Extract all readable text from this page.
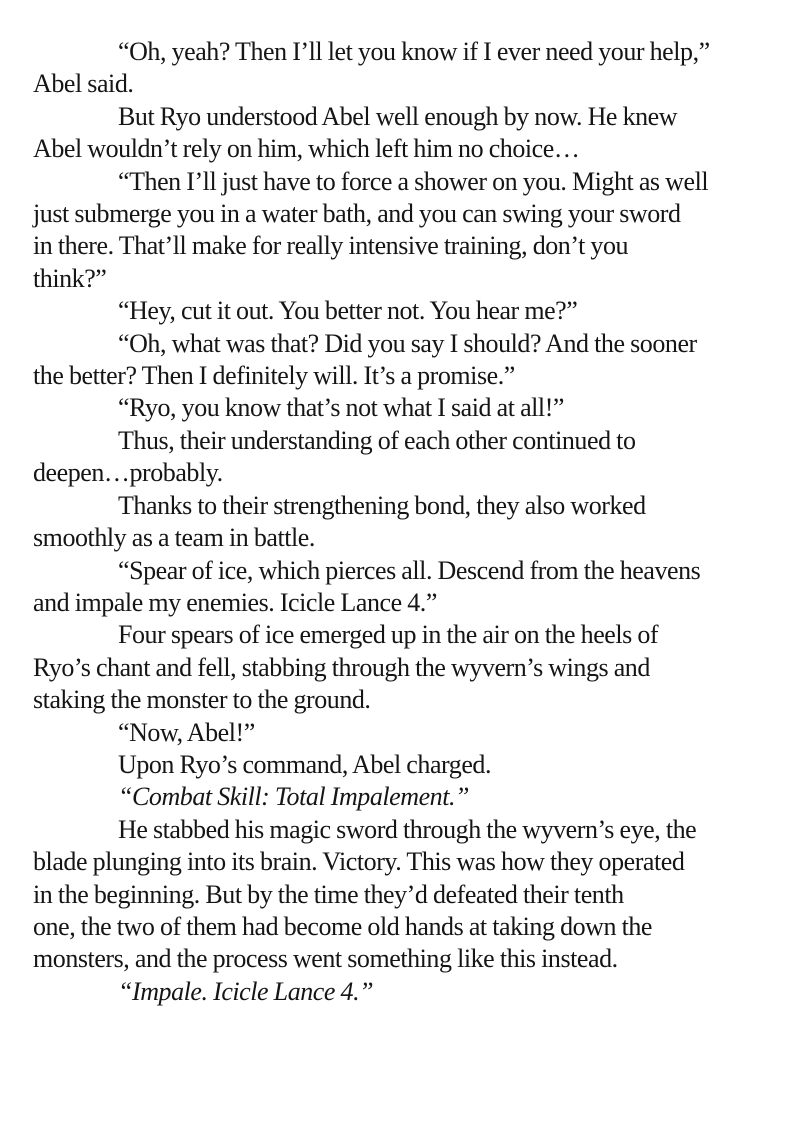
“Oh, yeah? Then I’ll let you know if I ever need your help,”
Abel said.
But Ryo understood Abel well enough by now. He knew
Abel wouldn’t rely on him, which left him no choice…
“Then I’ll just have to force a shower on you. Might as well
just submerge you in a water bath, and you can swing your sword
in there. That’ll make for really intensive training, don’t you
think?”
“Hey, cut it out. You better not. You hear me?”
“Oh, what was that? Did you say I should? And the sooner
the better? Then I definitely will. It’s a promise.”
“Ryo, you know that’s not what I said at all!”
Thus, their understanding of each other continued to
deepen…probably.
Thanks to their strengthening bond, they also worked
smoothly as a team in battle.
“Spear of ice, which pierces all. Descend from the heavens
and impale my enemies. Icicle Lance 4.”
Four spears of ice emerged up in the air on the heels of
Ryo’s chant and fell, stabbing through the wyvern’s wings and
staking the monster to the ground.
“Now, Abel!”
Upon Ryo’s command, Abel charged.
“Combat Skill: Total Impalement.”
He stabbed his magic sword through the wyvern’s eye, the
blade plunging into its brain. Victory. This was how they operated
in the beginning. But by the time they’d defeated their tenth
one, the two of them had become old hands at taking down the
monsters, and the process went something like this instead.
“Impale. Icicle Lance 4.”
